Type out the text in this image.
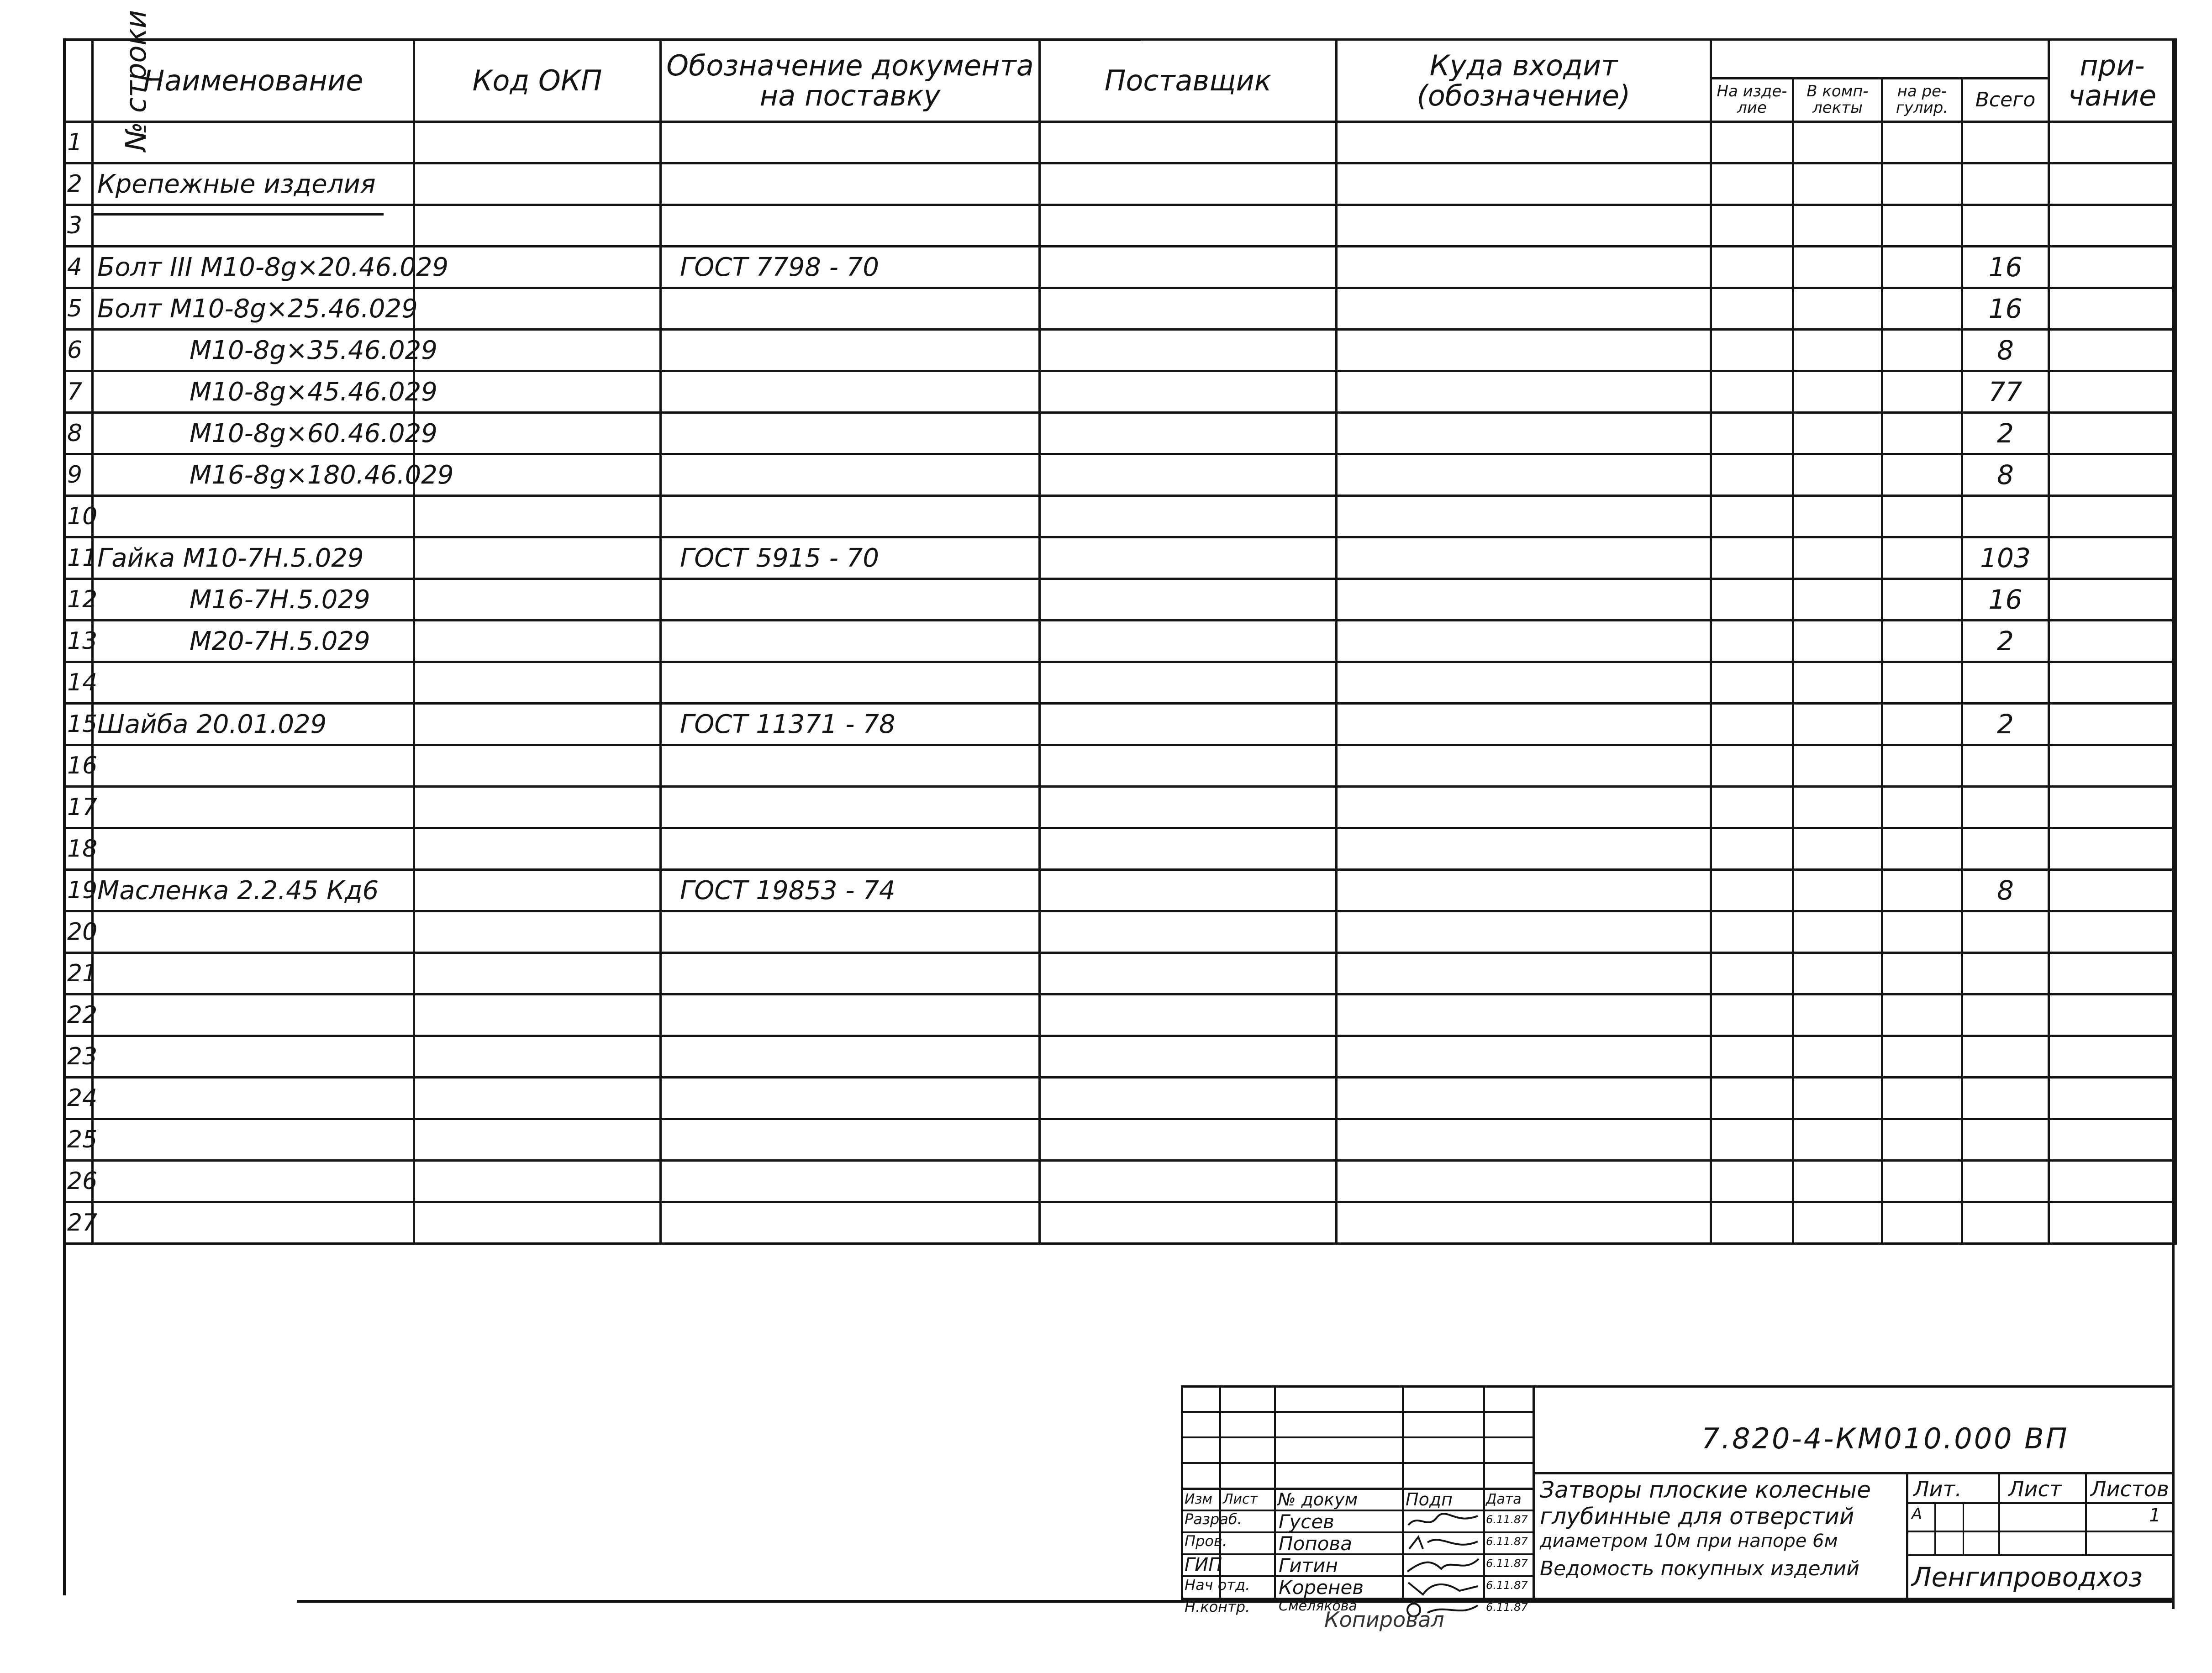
№ строки	Наименование	Код ОКП	Обозначение документа на поставку	Поставщик	Куда входит (обозначение)					при- чание
						На изде- лие	В комп- лекты	на ре- гулир.	Всего	
1										
2	Крепежные изделия									
3										
4	Болт III М10-8g×20.46.029		ГОСТ 7798 - 70						16	
5	Болт М10-8g×25.46.029								16	
6	М10-8g×35.46.029								8	
7	М10-8g×45.46.029								77	
8	М10-8g×60.46.029								2	
9	М16-8g×180.46.029								8	
10										
11	Гайка М10-7Н.5.029		ГОСТ 5915 - 70						103	
12	М16-7Н.5.029								16	
13	М20-7Н.5.029								2	
14										
15	Шайба 20.01.029		ГОСТ 11371 - 78						2	
16										
17										
18										
19	Масленка 2.2.45 Кд6		ГОСТ 19853 - 74						8	
20										
21										
22										
23										
24										
25										
26										
27										
Изм Лист № докум	Подп Дата
Разраб. Гусев	6.11.87
Пров.	Попова	6.11.87
ГИП	Гитин	6.11.87
Нач отд. Коренев	6.11.87
Н.контр. Смелякова	6.11.87
7.820-4-КМ010.000 ВП
Затворы плоские колесные
глубинные для отверстий
диаметром 10м при напоре 6м
Ведомость покупных изделий
Лит. Лист Листов
А	1
Ленгипроводхоз
Копировал
